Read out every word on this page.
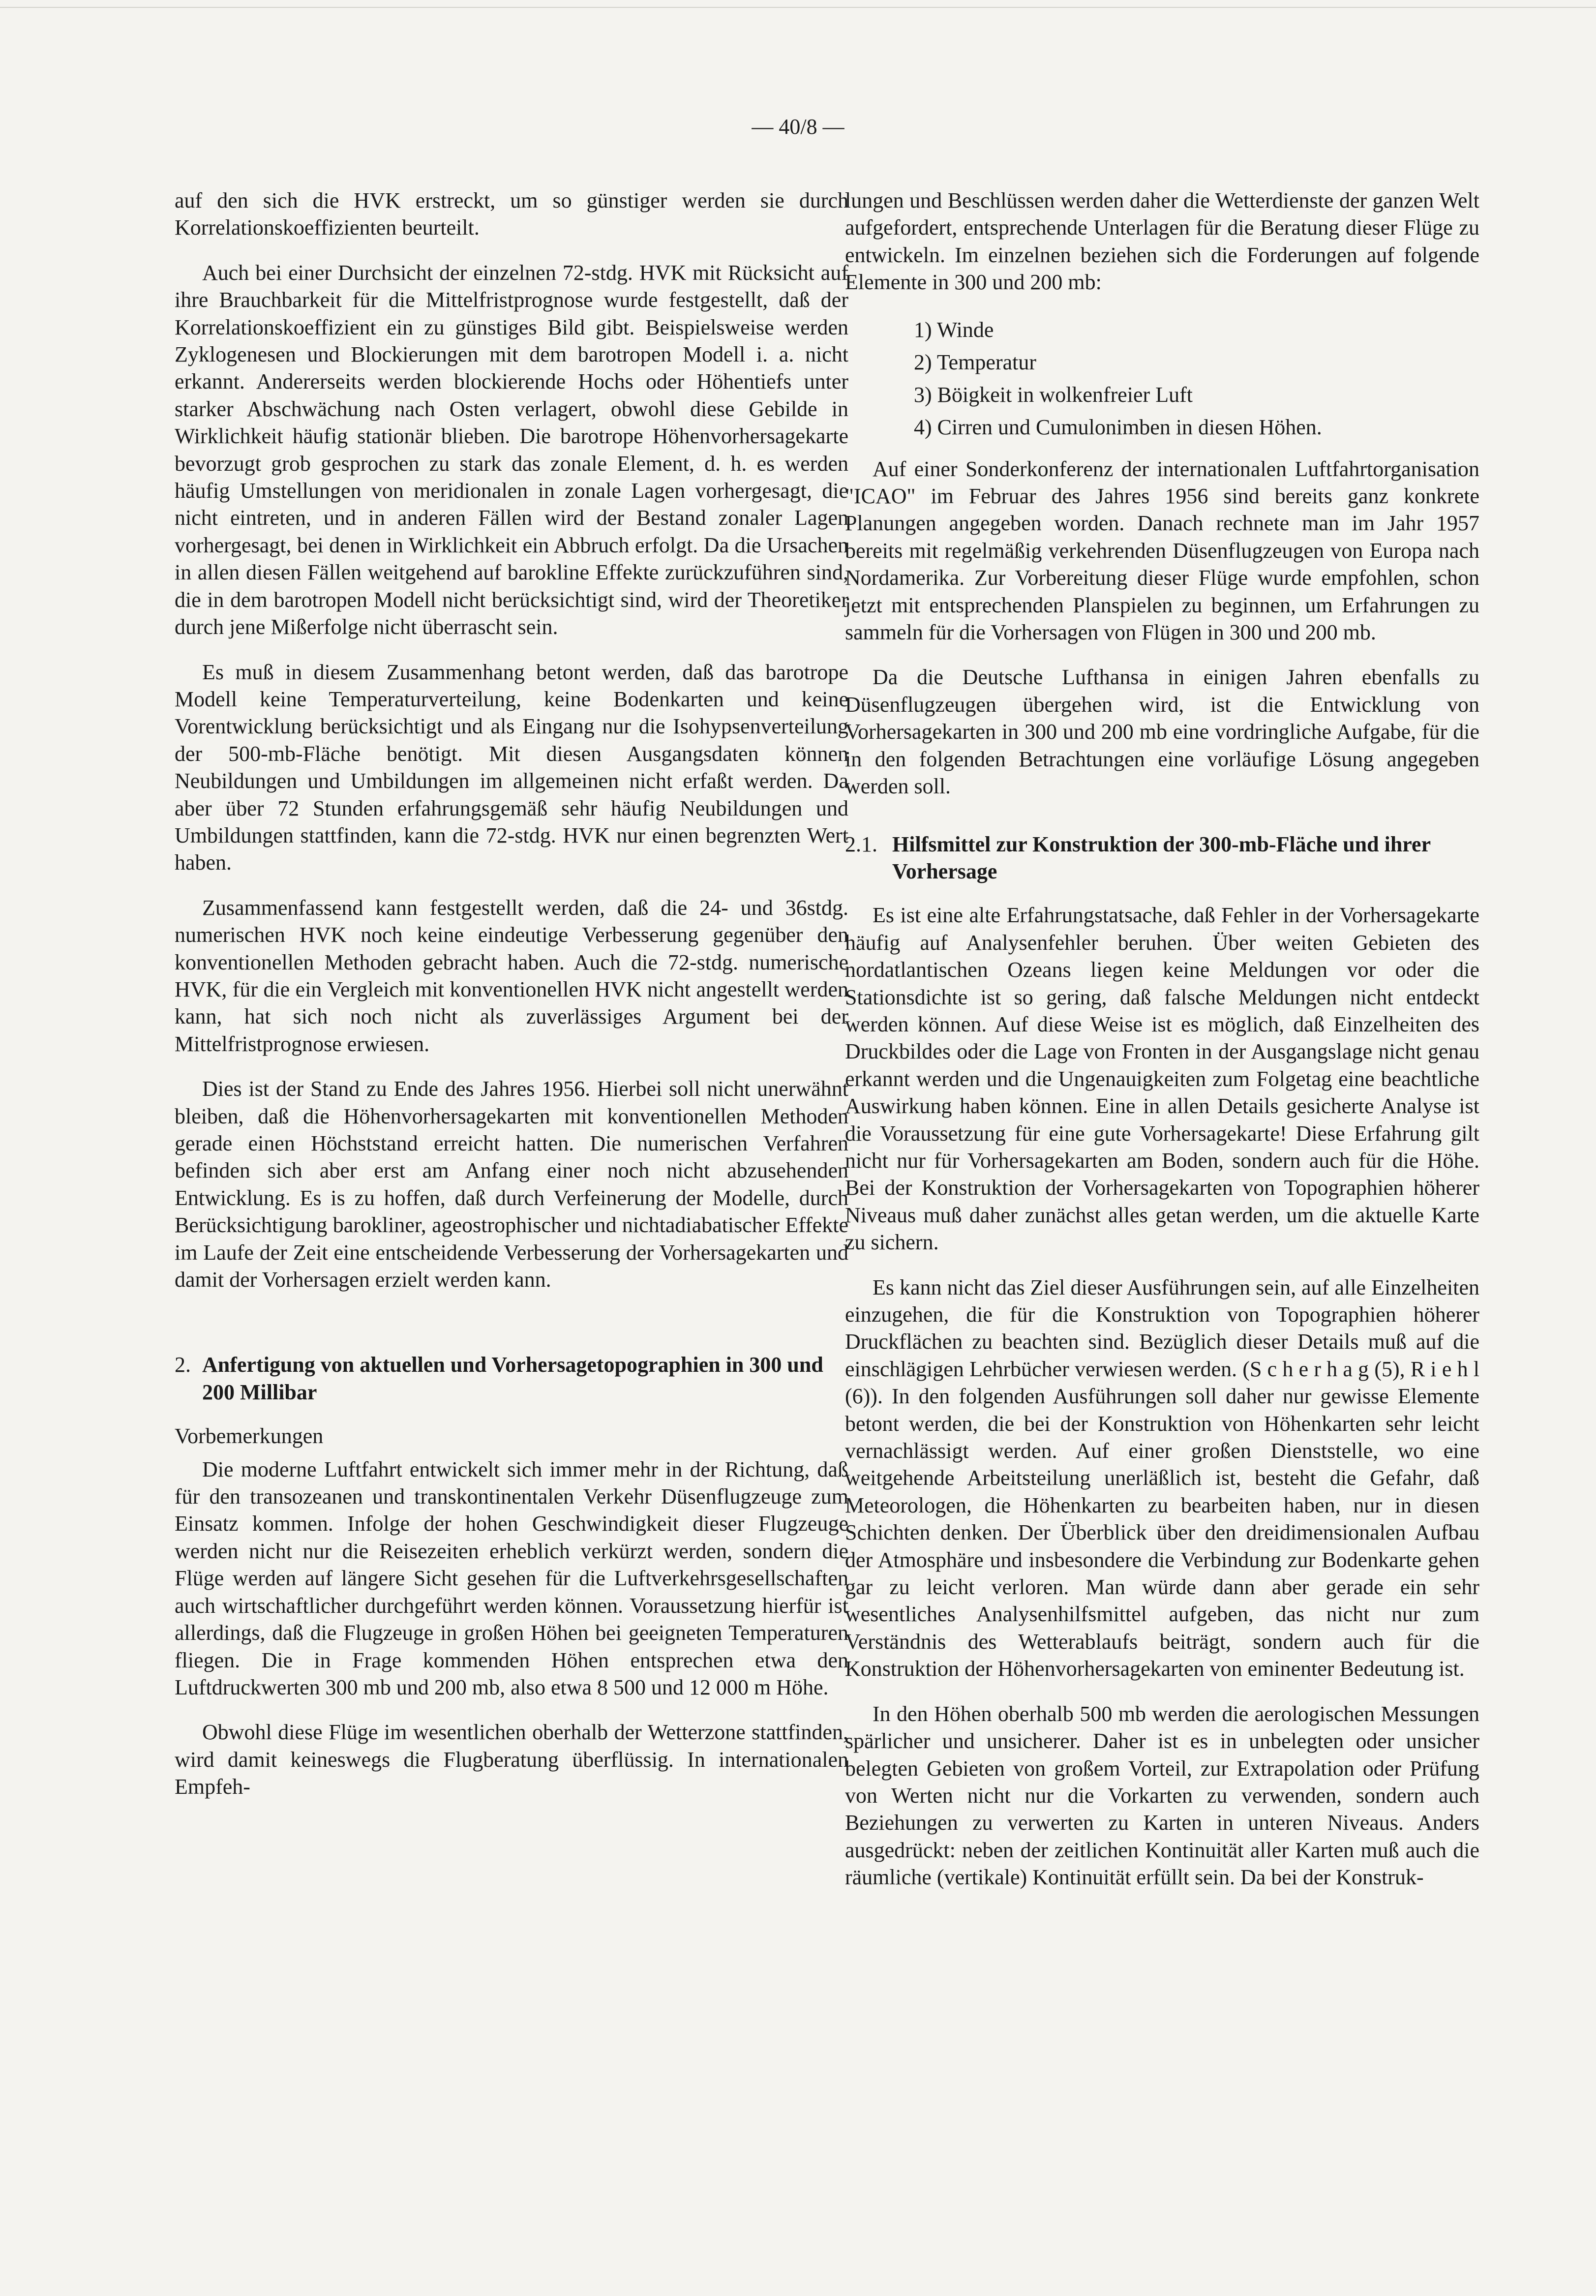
— 40/8 —

auf den sich die HVK erstreckt, um so günstiger werden sie durch Korrelationskoeffizienten beurteilt.

Auch bei einer Durchsicht der einzelnen 72-stdg. HVK mit Rücksicht auf ihre Brauchbarkeit für die Mittelfristprognose wurde festgestellt, daß der Korrelationskoeffizient ein zu günstiges Bild gibt. Beispielsweise werden Zyklogenesen und Blockierungen mit dem barotropen Modell i. a. nicht erkannt. Andererseits werden blockierende Hochs oder Höhentiefs unter starker Abschwächung nach Osten verlagert, obwohl diese Gebilde in Wirklichkeit häufig stationär blieben. Die barotrope Höhenvorhersagekarte bevorzugt grob gesprochen zu stark das zonale Element, d. h. es werden häufig Umstellungen von meridionalen in zonale Lagen vorhergesagt, die nicht eintreten, und in anderen Fällen wird der Bestand zonaler Lagen vorhergesagt, bei denen in Wirklichkeit ein Abbruch erfolgt. Da die Ursachen in allen diesen Fällen weitgehend auf barokline Effekte zurückzuführen sind, die in dem barotropen Modell nicht berücksichtigt sind, wird der Theoretiker durch jene Mißerfolge nicht überrascht sein.

Es muß in diesem Zusammenhang betont werden, daß das barotrope Modell keine Temperaturverteilung, keine Bodenkarten und keine Vorentwicklung berücksichtigt und als Eingang nur die Isohypsenverteilung der 500-mb-Fläche benötigt. Mit diesen Ausgangsdaten können Neubildungen und Umbildungen im allgemeinen nicht erfaßt werden. Da aber über 72 Stunden erfahrungsgemäß sehr häufig Neubildungen und Umbildungen stattfinden, kann die 72-stdg. HVK nur einen begrenzten Wert haben.

Zusammenfassend kann festgestellt werden, daß die 24- und 36stdg. numerischen HVK noch keine eindeutige Verbesserung gegenüber den konventionellen Methoden gebracht haben. Auch die 72-stdg. numerische HVK, für die ein Vergleich mit konventionellen HVK nicht angestellt werden kann, hat sich noch nicht als zuverlässiges Argument bei der Mittelfristprognose erwiesen.

Dies ist der Stand zu Ende des Jahres 1956. Hierbei soll nicht unerwähnt bleiben, daß die Höhenvorhersagekarten mit konventionellen Methoden gerade einen Höchststand erreicht hatten. Die numerischen Verfahren befinden sich aber erst am Anfang einer noch nicht abzusehenden Entwicklung. Es is zu hoffen, daß durch Verfeinerung der Modelle, durch Berücksichtigung barokliner, ageostrophischer und nichtadiabatischer Effekte im Laufe der Zeit eine entscheidende Verbesserung der Vorhersagekarten und damit der Vorhersagen erzielt werden kann.

2. Anfertigung von aktuellen und Vorhersagetopographien in 300 und 200 Millibar
Vorbemerkungen

Die moderne Luftfahrt entwickelt sich immer mehr in der Richtung, daß für den transozeanen und transkontinentalen Verkehr Düsenflugzeuge zum Einsatz kommen. Infolge der hohen Geschwindigkeit dieser Flugzeuge werden nicht nur die Reisezeiten erheblich verkürzt werden, sondern die Flüge werden auf längere Sicht gesehen für die Luftverkehrsgesellschaften auch wirtschaftlicher durchgeführt werden können. Voraussetzung hierfür ist allerdings, daß die Flugzeuge in großen Höhen bei geeigneten Temperaturen fliegen. Die in Frage kommenden Höhen entsprechen etwa den Luftdruckwerten 300 mb und 200 mb, also etwa 8 500 und 12 000 m Höhe.

Obwohl diese Flüge im wesentlichen oberhalb der Wetterzone stattfinden, wird damit keineswegs die Flugberatung überflüssig. In internationalen Empfeh-

lungen und Beschlüssen werden daher die Wetterdienste der ganzen Welt aufgefordert, entsprechende Unterlagen für die Beratung dieser Flüge zu entwickeln. Im einzelnen beziehen sich die Forderungen auf folgende Elemente in 300 und 200 mb:

1) Winde
2) Temperatur
3) Böigkeit in wolkenfreier Luft
4) Cirren und Cumulonimben in diesen Höhen.

Auf einer Sonderkonferenz der internationalen Luftfahrtorganisation "ICAO" im Februar des Jahres 1956 sind bereits ganz konkrete Planungen angegeben worden. Danach rechnete man im Jahr 1957 bereits mit regelmäßig verkehrenden Düsenflugzeugen von Europa nach Nordamerika. Zur Vorbereitung dieser Flüge wurde empfohlen, schon jetzt mit entsprechenden Planspielen zu beginnen, um Erfahrungen zu sammeln für die Vorhersagen von Flügen in 300 und 200 mb.

Da die Deutsche Lufthansa in einigen Jahren ebenfalls zu Düsenflugzeugen übergehen wird, ist die Entwicklung von Vorhersagekarten in 300 und 200 mb eine vordringliche Aufgabe, für die in den folgenden Betrachtungen eine vorläufige Lösung angegeben werden soll.

2.1. Hilfsmittel zur Konstruktion der 300-mb-Fläche und ihrer Vorhersage

Es ist eine alte Erfahrungstatsache, daß Fehler in der Vorhersagekarte häufig auf Analysenfehler beruhen. Über weiten Gebieten des nordatlantischen Ozeans liegen keine Meldungen vor oder die Stationsdichte ist so gering, daß falsche Meldungen nicht entdeckt werden können. Auf diese Weise ist es möglich, daß Einzelheiten des Druckbildes oder die Lage von Fronten in der Ausgangslage nicht genau erkannt werden und die Ungenauigkeiten zum Folgetag eine beachtliche Auswirkung haben können. Eine in allen Details gesicherte Analyse ist die Voraussetzung für eine gute Vorhersagekarte! Diese Erfahrung gilt nicht nur für Vorhersagekarten am Boden, sondern auch für die Höhe. Bei der Konstruktion der Vorhersagekarten von Topographien höherer Niveaus muß daher zunächst alles getan werden, um die aktuelle Karte zu sichern.

Es kann nicht das Ziel dieser Ausführungen sein, auf alle Einzelheiten einzugehen, die für die Konstruktion von Topographien höherer Druckflächen zu beachten sind. Bezüglich dieser Details muß auf die einschlägigen Lehrbücher verwiesen werden. (S c h e r h a g (5), R i e h l (6)). In den folgenden Ausführungen soll daher nur gewisse Elemente betont werden, die bei der Konstruktion von Höhenkarten sehr leicht vernachlässigt werden. Auf einer großen Dienststelle, wo eine weitgehende Arbeitsteilung unerläßlich ist, besteht die Gefahr, daß Meteorologen, die Höhenkarten zu bearbeiten haben, nur in diesen Schichten denken. Der Überblick über den dreidimensionalen Aufbau der Atmosphäre und insbesondere die Verbindung zur Bodenkarte gehen gar zu leicht verloren. Man würde dann aber gerade ein sehr wesentliches Analysenhilfsmittel aufgeben, das nicht nur zum Verständnis des Wetterablaufs beiträgt, sondern auch für die Konstruktion der Höhenvorhersagekarten von eminenter Bedeutung ist.

In den Höhen oberhalb 500 mb werden die aerologischen Messungen spärlicher und unsicherer. Daher ist es in unbelegten oder unsicher belegten Gebieten von großem Vorteil, zur Extrapolation oder Prüfung von Werten nicht nur die Vorkarten zu verwenden, sondern auch Beziehungen zu verwerten zu Karten in unteren Niveaus. Anders ausgedrückt: neben der zeitlichen Kontinuität aller Karten muß auch die räumliche (vertikale) Kontinuität erfüllt sein. Da bei der Konstruk-
